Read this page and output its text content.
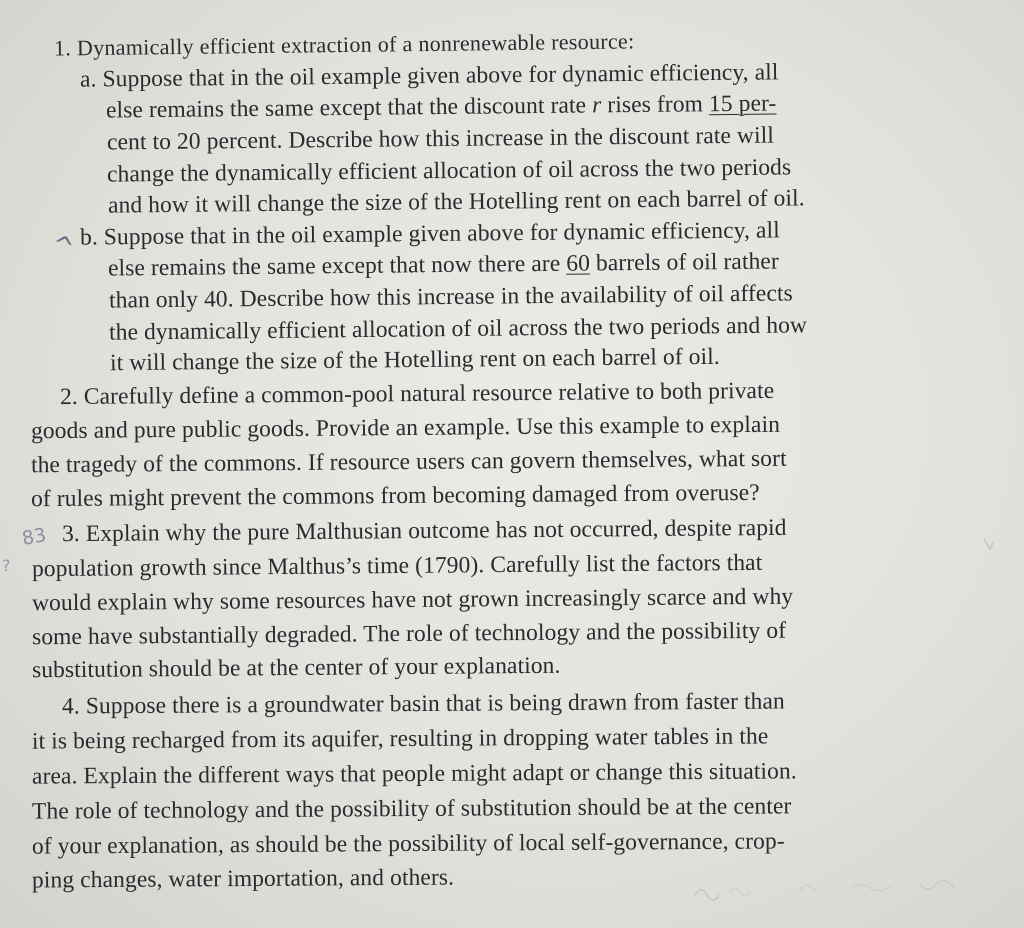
1. Dynamically efficient extraction of a nonrenewable resource:
a. Suppose that in the oil example given above for dynamic efficiency, all
else remains the same except that the discount rate r rises from 15 per-
cent to 20 percent. Describe how this increase in the discount rate will
change the dynamically efficient allocation of oil across the two periods
and how it will change the size of the Hotelling rent on each barrel of oil.
b. Suppose that in the oil example given above for dynamic efficiency, all
else remains the same except that now there are 60 barrels of oil rather
than only 40. Describe how this increase in the availability of oil affects
the dynamically efficient allocation of oil across the two periods and how
it will change the size of the Hotelling rent on each barrel of oil.
2. Carefully define a common-pool natural resource relative to both private
goods and pure public goods. Provide an example. Use this example to explain
the tragedy of the commons. If resource users can govern themselves, what sort
of rules might prevent the commons from becoming damaged from overuse?
3. Explain why the pure Malthusian outcome has not occurred, despite rapid
population growth since Malthus’s time (1790). Carefully list the factors that
would explain why some resources have not grown increasingly scarce and why
some have substantially degraded. The role of technology and the possibility of
substitution should be at the center of your explanation.
4. Suppose there is a groundwater basin that is being drawn from faster than
it is being recharged from its aquifer, resulting in dropping water tables in the
area. Explain the different ways that people might adapt or change this situation.
The role of technology and the possibility of substitution should be at the center
of your explanation, as should be the possibility of local self-governance, crop-
ping changes, water importation, and others.
^
83
?
